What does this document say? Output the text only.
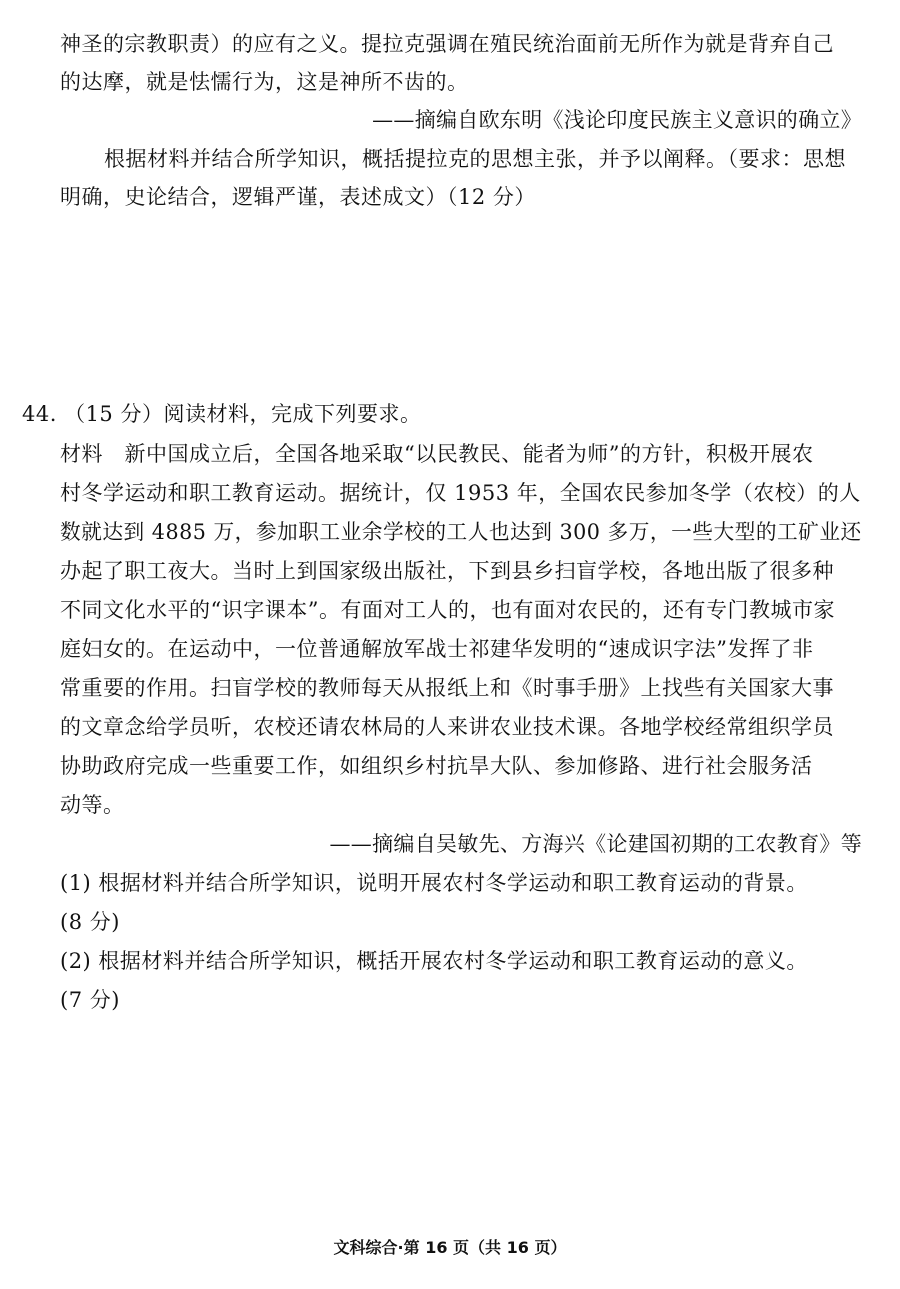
神圣的宗教职责）的应有之义。提拉克强调在殖民统治面前无所作为就是背弃自己
的达摩，就是怯懦行为，这是神所不齿的。
——摘编自欧东明《浅论印度民族主义意识的确立》
根据材料并结合所学知识，概括提拉克的思想主张，并予以阐释。（要求：思想
明确，史论结合，逻辑严谨，表述成文）（12 分）
44. （15 分）阅读材料，完成下列要求。
材料　新中国成立后，全国各地采取“以民教民、能者为师”的方针，积极开展农
村冬学运动和职工教育运动。据统计，仅 1953 年，全国农民参加冬学（农校）的人
数就达到 4885 万，参加职工业余学校的工人也达到 300 多万，一些大型的工矿业还
办起了职工夜大。当时上到国家级出版社，下到县乡扫盲学校，各地出版了很多种
不同文化水平的“识字课本”。有面对工人的，也有面对农民的，还有专门教城市家
庭妇女的。在运动中，一位普通解放军战士祁建华发明的“速成识字法”发挥了非
常重要的作用。扫盲学校的教师每天从报纸上和《时事手册》上找些有关国家大事
的文章念给学员听，农校还请农林局的人来讲农业技术课。各地学校经常组织学员
协助政府完成一些重要工作，如组织乡村抗旱大队、参加修路、进行社会服务活
动等。
——摘编自吴敏先、方海兴《论建国初期的工农教育》等
(1) 根据材料并结合所学知识，说明开展农村冬学运动和职工教育运动的背景。
(8 分)
(2) 根据材料并结合所学知识，概括开展农村冬学运动和职工教育运动的意义。
(7 分)
文科综合·第 16 页（共 16 页）
